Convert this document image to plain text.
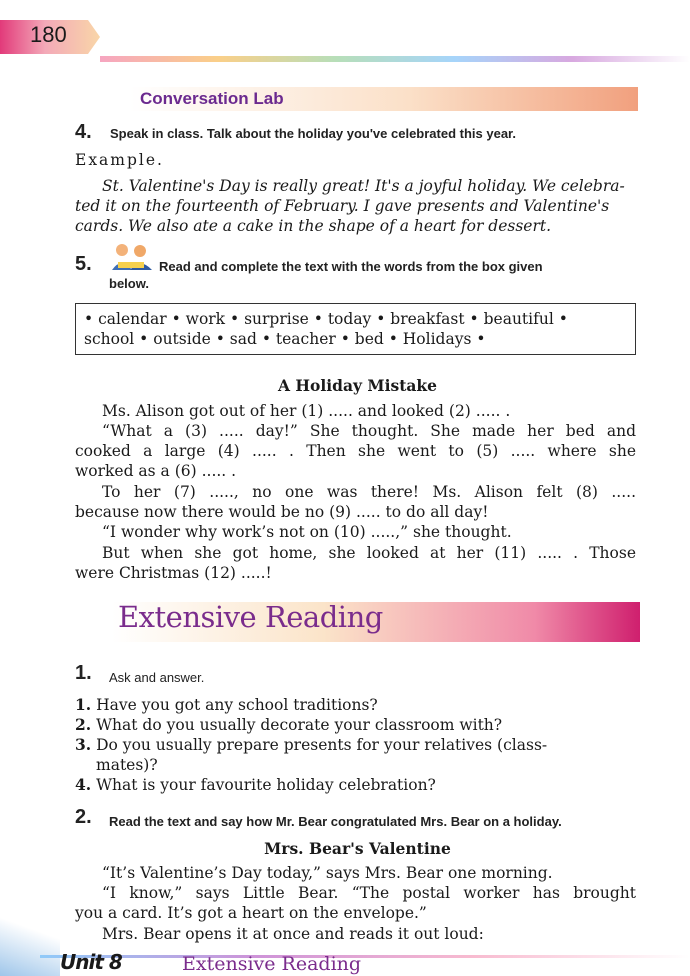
180
Conversation Lab
4. Speak in class. Talk about the holiday you've celebrated this year.
Example.
St. Valentine's Day is really great! It's a joyful holiday. We celebra-
ted it on the fourteenth of February. I gave presents and Valentine's
cards. We also ate a cake in the shape of a heart for dessert.
5.	Read and complete the text with the words from the box given
below.
• calendar • work • surprise • today • breakfast • beautiful •
school • outside • sad • teacher • bed • Holidays •
A Holiday Mistake
Ms. Alison got out of her (1) ..... and looked (2) ..... .
“What a (3) ..... day!” She thought. She made her bed and
cooked a large (4) ..... . Then she went to (5) ..... where she
worked as a (6) ..... .
To her (7) ....., no one was there! Ms. Alison felt (8) .....
because now there would be no (9) ..... to do all day!
“I wonder why work’s not on (10) .....,” she thought.
But when she got home, she looked at her (11) ..... . Those
were Christmas (12) .....!
Extensive Reading
1. Ask and answer.
1. Have you got any school traditions?
2. What do you usually decorate your classroom with?
3. Do you usually prepare presents for your relatives (class-
mates)?
4. What is your favourite holiday celebration?
2. Read the text and say how Mr. Bear congratulated Mrs. Bear on a holiday.
Mrs. Bear's Valentine
“It’s Valentine’s Day today,” says Mrs. Bear one morning.
“I know,” says Little Bear. “The postal worker has brought
you a card. It’s got a heart on the envelope.”
Mrs. Bear opens it at once and reads it out loud:
Unit 8	Extensive Reading
